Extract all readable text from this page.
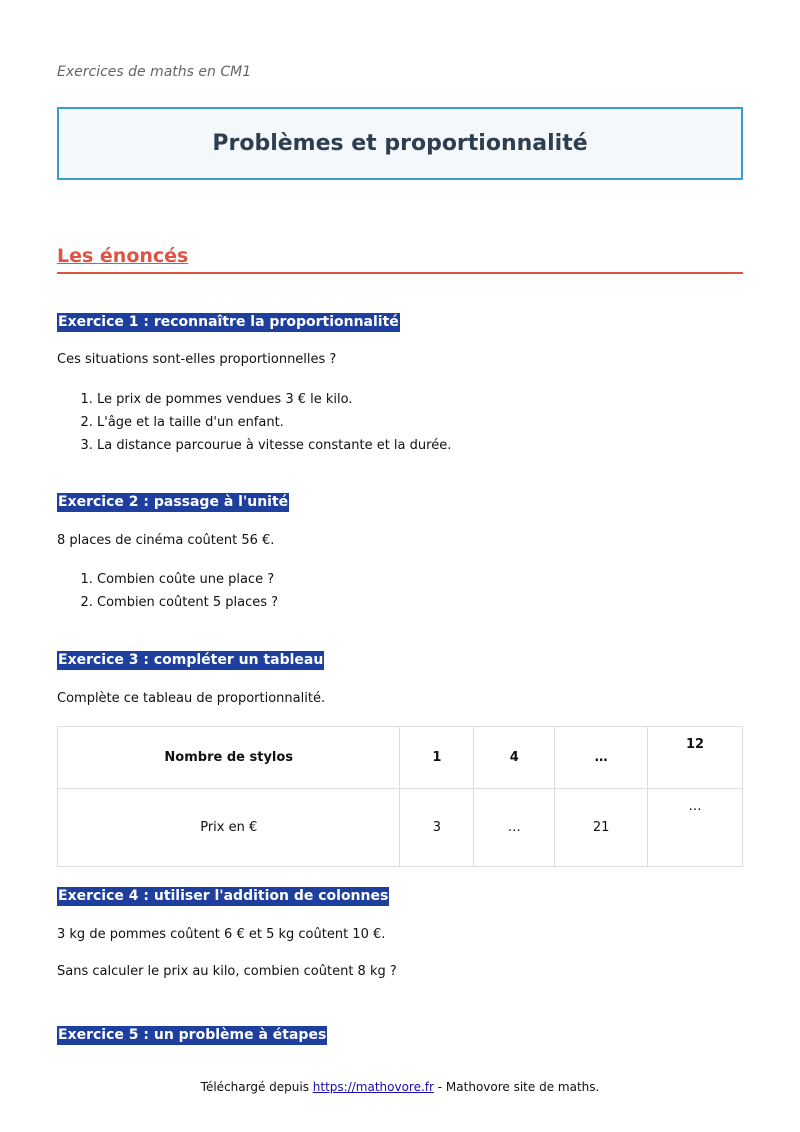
Exercices de maths en CM1
Problèmes et proportionnalité
Les énoncés
Exercice 1 : reconnaître la proportionnalité
Ces situations sont-elles proportionnelles ?
1. Le prix de pommes vendues 3 € le kilo.
2. L'âge et la taille d'un enfant.
3. La distance parcourue à vitesse constante et la durée.
Exercice 2 : passage à l'unité
8 places de cinéma coûtent 56 €.
1. Combien coûte une place ?
2. Combien coûtent 5 places ?
Exercice 3 : compléter un tableau
Complète ce tableau de proportionnalité.
Nombre de stylos	1	4	…	12
Prix en €	3	…	21	…
Exercice 4 : utiliser l'addition de colonnes
3 kg de pommes coûtent 6 € et 5 kg coûtent 10 €.
Sans calculer le prix au kilo, combien coûtent 8 kg ?
Exercice 5 : un problème à étapes
Téléchargé depuis https://mathovore.fr - Mathovore site de maths.
